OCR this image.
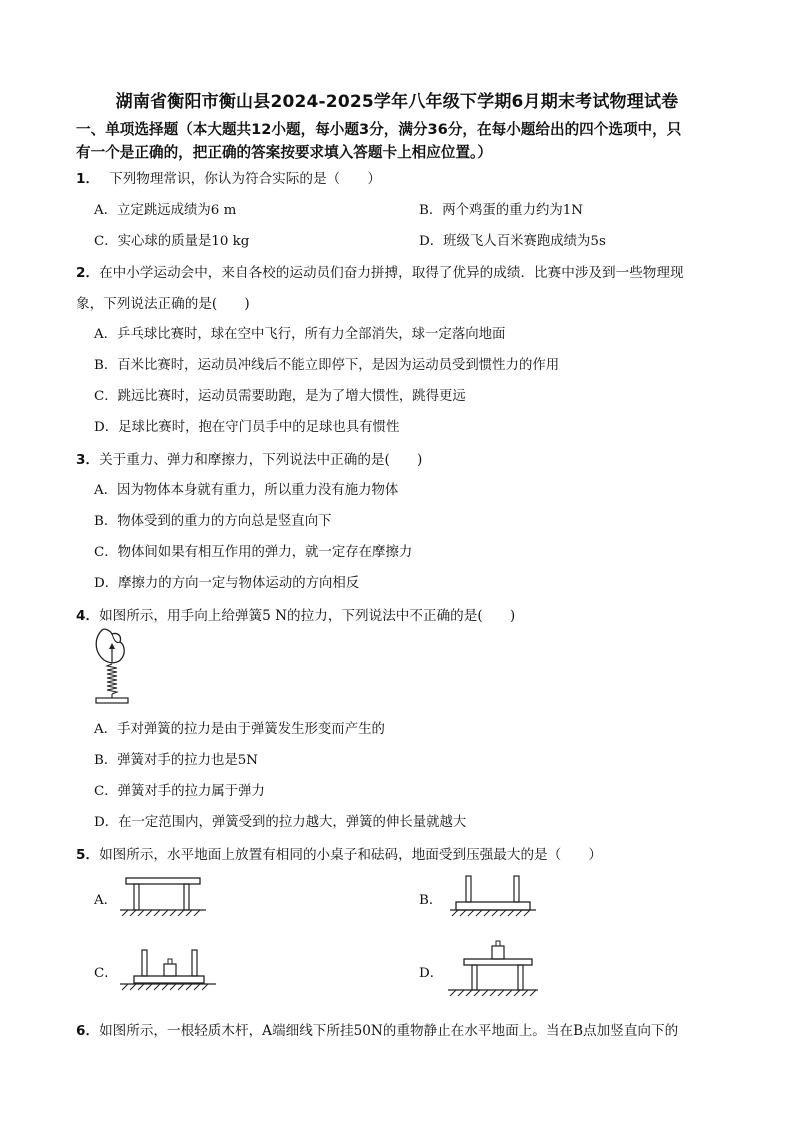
湖南省衡阳市衡山县2024-2025学年八年级下学期6月期末考试物理试卷
一、单项选择题（本大题共12小题，每小题3分，满分36分，在每小题给出的四个选项中，只
有一个是正确的，把正确的答案按要求填入答题卡上相应位置。）
1． 下列物理常识，你认为符合实际的是（　　）
A．立定跳远成绩为6 m	B．两个鸡蛋的重力约为1N
C．实心球的质量是10 kg	D．班级飞人百米赛跑成绩为5s
2．在中小学运动会中，来自各校的运动员们奋力拼搏，取得了优异的成绩．比赛中涉及到一些物理现
象，下列说法正确的是(　　)
A．乒乓球比赛时，球在空中飞行，所有力全部消失，球一定落向地面
B．百米比赛时，运动员冲线后不能立即停下，是因为运动员受到惯性力的作用
C．跳远比赛时，运动员需要助跑，是为了增大惯性，跳得更远
D．足球比赛时，抱在守门员手中的足球也具有惯性
3．关于重力、弹力和摩擦力，下列说法中正确的是(　　)
A．因为物体本身就有重力，所以重力没有施力物体
B．物体受到的重力的方向总是竖直向下
C．物体间如果有相互作用的弹力，就一定存在摩擦力
D．摩擦力的方向一定与物体运动的方向相反
4．如图所示，用手向上给弹簧5 N的拉力，下列说法中不正确的是(　　)
A．手对弹簧的拉力是由于弹簧发生形变而产生的
B．弹簧对手的拉力也是5N
C．弹簧对手的拉力属于弹力
D．在一定范围内，弹簧受到的拉力越大，弹簧的伸长量就越大
5．如图所示，水平地面上放置有相同的小桌子和砝码，地面受到压强最大的是（　　）
A．	B．
C．	D．
6．如图所示，一根轻质木杆，A端细线下所挂50N的重物静止在水平地面上。当在B点加竖直向下的
